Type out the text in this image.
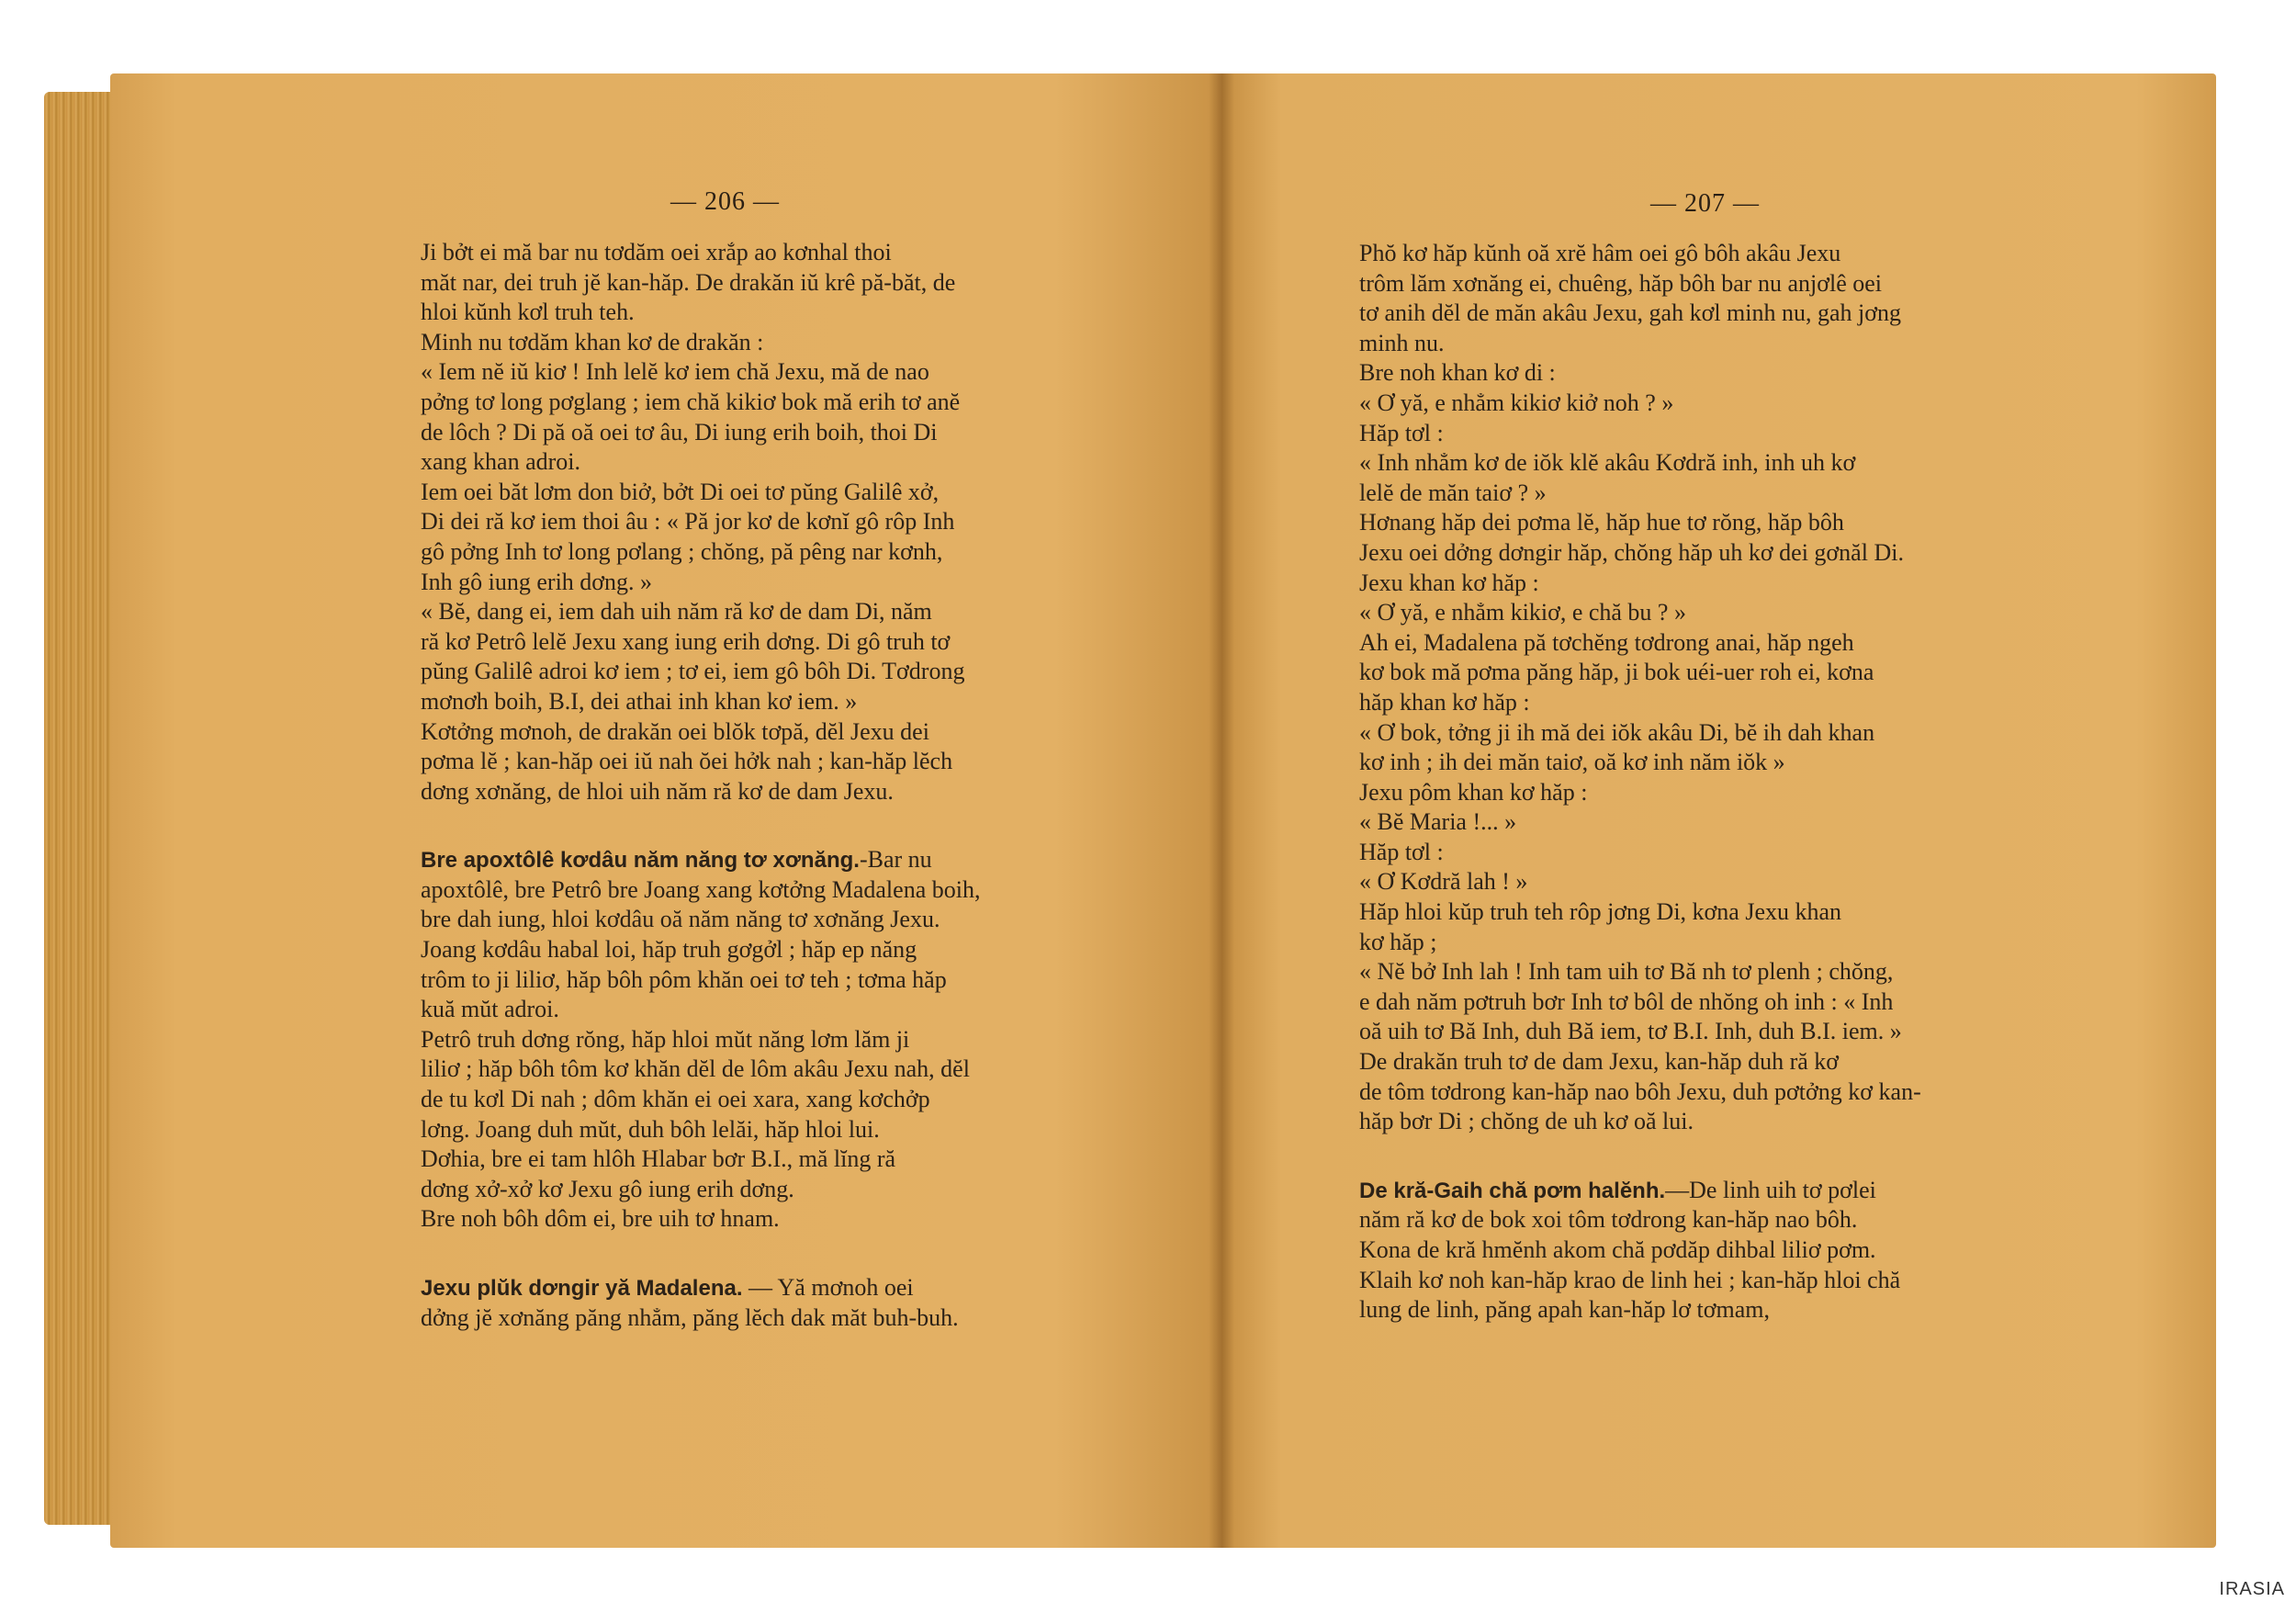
— 206 —
Ji bởt ei mă bar nu tơdăm oei xrắp ao kơnhal thoi
măt nar, dei truh jĕ kan-hăp. De drakăn iŭ krê pă-băt, de
hloi kŭnh kơl truh teh.
Minh nu tơdăm khan kơ de drakăn :
« Iem nĕ iŭ kiơ ! Inh lelĕ kơ iem chă Jexu, mă de nao
pởng tơ long pơglang ; iem chă kikiơ bok mă erih tơ anĕ
de lôch ? Di pă oă oei tơ âu, Di iung erih boih, thoi Di
xang khan adroi.
Iem oei băt lơm don biở, bởt Di oei tơ pŭng Galilê xở,
Di dei ră kơ iem thoi âu : « Pă jor kơ de kơnĭ gô rôp Inh
gô pởng Inh tơ long pơlang ; chŏng, pă pêng nar kơnh,
Inh gô iung erih dơng. »
« Bĕ, dang ei, iem dah uih năm ră kơ de dam Di, năm
ră kơ Petrô lelĕ Jexu xang iung erih dơng. Di gô truh tơ
pŭng Galilê adroi kơ iem ; tơ ei, iem gô bôh Di. Tơdrong
mơnơh boih, B.I, dei athai inh khan kơ iem. »
Kơtởng mơnoh, de drakăn oei blŏk tơpă, dĕl Jexu dei
pơma lĕ ; kan-hăp oei iŭ nah ŏei hởk nah ; kan-hăp lĕch
dơng xơnăng, de hloi uih năm ră kơ de dam Jexu.
Bre apoxtôlê kơdâu năm năng tơ xơnăng.-Bar nu
apoxtôlê, bre Petrô bre Joang xang kơtởng Madalena boih,
bre dah iung, hloi kơdâu oă năm năng tơ xơnăng Jexu.
Joang kơdâu habal loi, hăp truh gơgởl ; hăp ep năng
trôm to ji liliơ, hăp bôh pôm khăn oei tơ teh ; tơma hăp
kuă mŭt adroi.
Petrô truh dơng rŏng, hăp hloi mŭt năng lơm lăm ji
liliơ ; hăp bôh tôm kơ khăn dĕl de lôm akâu Jexu nah, dĕl
de tu kơl Di nah ; dôm khăn ei oei xara, xang kơchởp
lơng. Joang duh mŭt, duh bôh lelăi, hăp hloi lui.
Dơhia, bre ei tam hlôh Hlabar bơr B.I., mă lĭng ră
dơng xở-xở kơ Jexu gô iung erih dơng.
Bre noh bôh dôm ei, bre uih tơ hnam.
Jexu plŭk dơngir yă Madalena. — Yă mơnoh oei
dởng jĕ xơnăng păng nhẳm, păng lĕch dak măt buh-buh.
— 207 —
Phŏ kơ hăp kŭnh oă xrĕ hâm oei gô bôh akâu Jexu
trôm lăm xơnăng ei, chuêng, hăp bôh bar nu anjơlê oei
tơ anih dĕl de măn akâu Jexu, gah kơl minh nu, gah jơng
minh nu.
Bre noh khan kơ di :
« Ơ yă, e nhẳm kikiơ kiở noh ? »
Hăp tơl :
« Inh nhẳm kơ de iŏk klĕ akâu Kơdră inh, inh uh kơ
lelĕ de măn taiơ ? »
Hơnang hăp dei pơma lĕ, hăp hue tơ rŏng, hăp bôh
Jexu oei dởng dơngir hăp, chŏng hăp uh kơ dei gơnăl Di.
Jexu khan kơ hăp :
« Ơ yă, e nhẳm kikiơ, e chă bu ? »
Ah ei, Madalena pă tơchĕng tơdrong anai, hăp ngeh
kơ bok mă pơma păng hăp, ji bok uéi-uer roh ei, kơna
hăp khan kơ hăp :
« Ơ bok, tởng ji ih mă dei iŏk akâu Di, bĕ ih dah khan
kơ inh ; ih dei măn taiơ, oă kơ inh năm iŏk »
Jexu pôm khan kơ hăp :
« Bĕ Maria !... »
Hăp tơl :
« Ơ Kơdră lah ! »
Hăp hloi kŭp truh teh rôp jơng Di, kơna Jexu khan
kơ hăp ;
« Nĕ bở Inh lah ! Inh tam uih tơ Bă nh tơ plenh ; chŏng,
e dah năm pơtruh bơr Inh tơ bôl de nhŏng oh inh : « Inh
oă uih tơ Bă Inh, duh Bă iem, tơ B.I. Inh, duh B.I. iem. »
De drakăn truh tơ de dam Jexu, kan-hăp duh ră kơ
de tôm tơdrong kan-hăp nao bôh Jexu, duh pơtởng kơ kan-
hăp bơr Di ; chŏng de uh kơ oă lui.
De kră-Gaih chă pơm halĕnh.—De linh uih tơ pơlei
năm ră kơ de bok xoi tôm tơdrong kan-hăp nao bôh.
Kona de kră hmĕnh akom chă pơdăp dihbal liliơ pơm.
Klaih kơ noh kan-hăp krao de linh hei ; kan-hăp hloi chă
lung de linh, păng apah kan-hăp lơ tơmam,
IRASIA
